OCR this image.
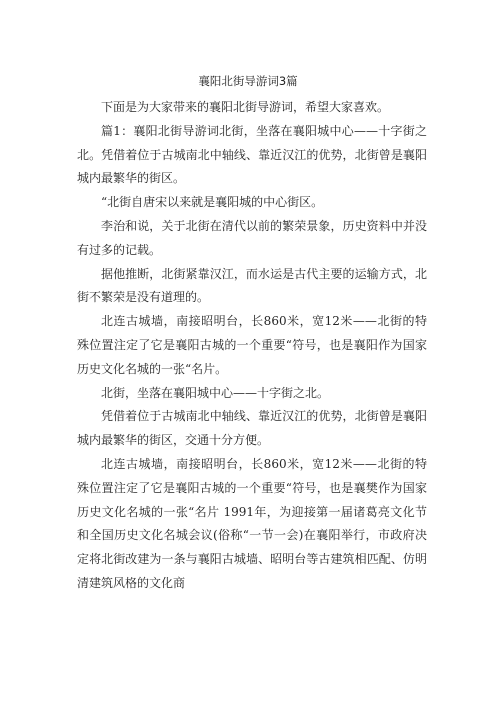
襄阳北街导游词3篇

下面是为大家带来的襄阳北街导游词，希望大家喜欢。

篇1：襄阳北街导游词北街，坐落在襄阳城中心——十字街之北。凭借着位于古城南北中轴线、靠近汉江的优势，北街曾是襄阳城内最繁华的街区。

“北街自唐宋以来就是襄阳城的中心街区。

李治和说，关于北街在清代以前的繁荣景象，历史资料中并没有过多的记载。

据他推断，北街紧靠汉江，而水运是古代主要的运输方式，北街不繁荣是没有道理的。

北连古城墙，南接昭明台，长860米，宽12米——北街的特殊位置注定了它是襄阳古城的一个重要“符号，也是襄阳作为国家历史文化名城的一张“名片。

北街，坐落在襄阳城中心——十字街之北。

凭借着位于古城南北中轴线、靠近汉江的优势，北街曾是襄阳城内最繁华的街区，交通十分方便。

北连古城墙，南接昭明台，长860米，宽12米——北街的特殊位置注定了它是襄阳古城的一个重要“符号，也是襄樊作为国家历史文化名城的一张“名片 1991年，为迎接第一届诸葛亮文化节和全国历史文化名城会议(俗称“一节一会)在襄阳举行，市政府决定将北街改建为一条与襄阳古城墙、昭明台等古建筑相匹配、仿明清建筑风格的文化商
